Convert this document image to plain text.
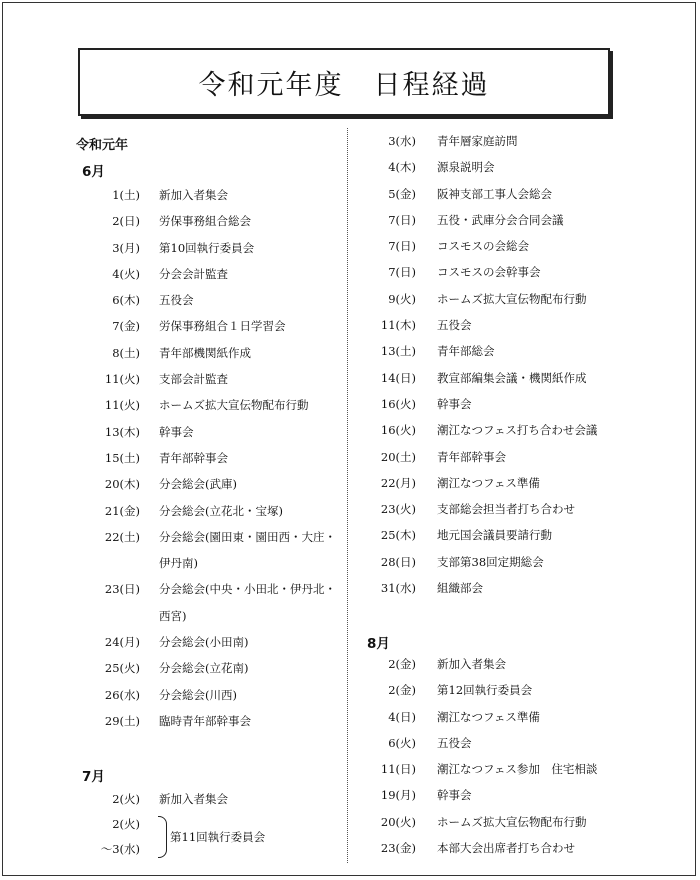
令和元年度 日程経過
令和元年
6月
1(土) 新加入者集会
2(日) 労保事務組合総会
3(月) 第10回執行委員会
4(火) 分会会計監査
6(木) 五役会
7(金) 労保事務組合１日学習会
8(土) 青年部機関紙作成
11(火) 支部会計監査
11(火) ホームズ拡大宣伝物配布行動
13(木) 幹事会
15(土) 青年部幹事会
20(木) 分会総会(武庫)
21(金) 分会総会(立花北・宝塚)
22(土) 分会総会(園田東・園田西・大庄・
伊丹南)
23(日) 分会総会(中央・小田北・伊丹北・
西宮)
24(月) 分会総会(小田南)
25(火) 分会総会(立花南)
26(水) 分会総会(川西)
29(土) 臨時青年部幹事会
7月
2(火) 新加入者集会
2(火)
～3(水)
第11回執行委員会
3(水) 青年層家庭訪問
4(木) 源泉説明会
5(金) 阪神支部工事人会総会
7(日) 五役・武庫分会合同会議
7(日) コスモスの会総会
7(日) コスモスの会幹事会
9(火) ホームズ拡大宣伝物配布行動
11(木) 五役会
13(土) 青年部総会
14(日) 教宣部編集会議・機関紙作成
16(火) 幹事会
16(火) 潮江なつフェス打ち合わせ会議
20(土) 青年部幹事会
22(月) 潮江なつフェス準備
23(火) 支部総会担当者打ち合わせ
25(木) 地元国会議員要請行動
28(日) 支部第38回定期総会
31(水) 組織部会
8月
2(金) 新加入者集会
2(金) 第12回執行委員会
4(日) 潮江なつフェス準備
6(火) 五役会
11(日) 潮江なつフェス参加　住宅相談
19(月) 幹事会
20(火) ホームズ拡大宣伝物配布行動
23(金) 本部大会出席者打ち合わせ
